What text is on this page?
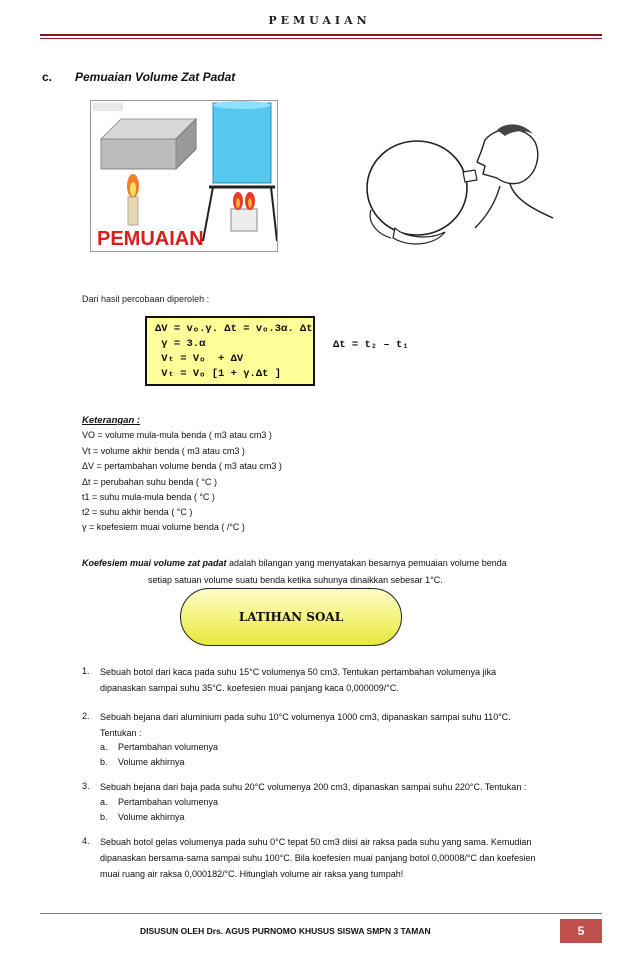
PEMUAIAN
c. Pemuaian Volume Zat Padat
PEMUAIAN
Dari hasil percobaan diperoleh :
ΔV = vₒ.γ. Δt = vₒ.3α. Δt
γ = 3.α
Vₜ = Vₒ  + ΔV
Vₜ = Vₒ [1 + γ.Δt ]
Δt = t₂ – t₁
Keterangan :
VO = volume mula-mula benda ( m3 atau cm3 )
Vt = volume akhir benda ( m3 atau cm3 )
ΔV = pertambahan volume benda ( m3 atau cm3 )
Δt = perubahan suhu benda ( °C )
t1 = suhu mula-mula benda ( °C )
t2 = suhu akhir benda ( °C )
γ = koefesiem muai volume benda ( /°C )
Koefesiem muai volume zat padat adalah bilangan yang menyatakan besarnya pemuaian volume benda
setiap satuan volume suatu benda ketika suhunya dinaikkan sebesar 1°C.
LATIHAN SOAL
1. Sebuah botol dari kaca pada suhu 15°C volumenya 50 cm3. Tentukan pertambahan volumenya jika
dipanaskan sampai suhu 35°C. koefesien muai panjang kaca 0,000009/°C.
2. Sebuah bejana dari aluminium pada suhu 10°C volumenya 1000 cm3, dipanaskan sampai suhu 110°C.
Tentukan :
a. Pertambahan volumenya
b. Volume akhirnya
3. Sebuah bejana dari baja pada suhu 20°C volumenya 200 cm3, dipanaskan sampai suhu 220°C. Tentukan :
a. Pertambahan volumenya
b. Volume akhirnya
4. Sebuah botol gelas volumenya pada suhu 0°C tepat 50 cm3 diisi air raksa pada suhu yang sama. Kemudian
dipanaskan bersama-sama sampai suhu 100°C. Bila koefesien muai panjang botol 0,00008/°C dan koefesien
muai ruang air raksa 0,000182/°C. Hitunglah volume air raksa yang tumpah!
DISUSUN OLEH Drs. AGUS PURNOMO KHUSUS SISWA SMPN 3 TAMAN	5
